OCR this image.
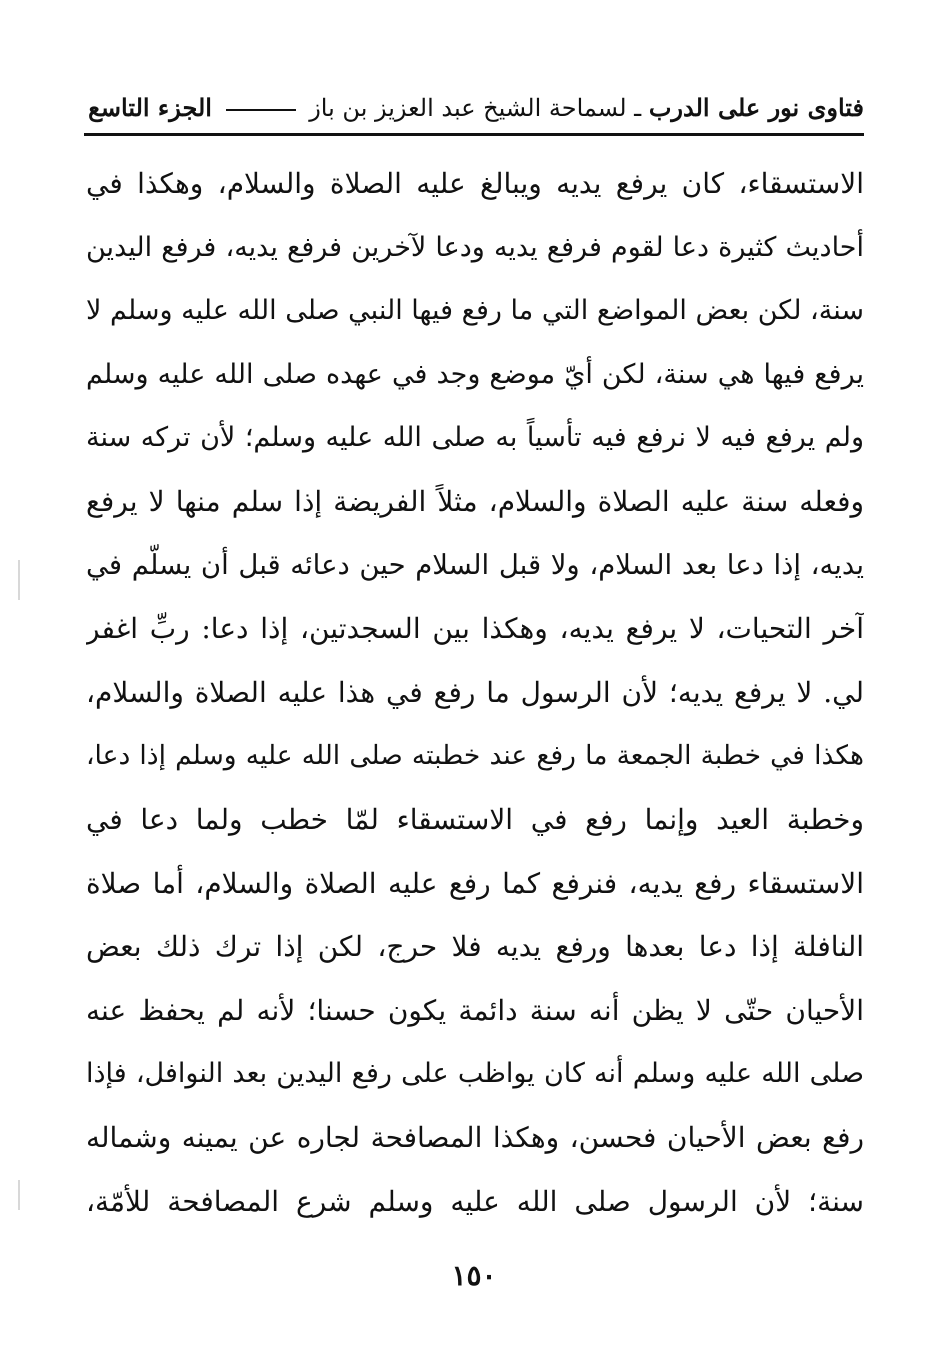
فتاوى نور على الدرب ـ لسماحة الشيخ عبد العزيز بن باز  الجزء التاسع
الاستسقاء، كان يرفع يديه ويبالغ عليه الصلاة والسلام، وهكذا في
أحاديث كثيرة دعا لقوم فرفع يديه ودعا لآخرين فرفع يديه، فرفع اليدين
سنة، لكن بعض المواضع التي ما رفع فيها النبي صلى الله عليه وسلم لا
يرفع فيها هي سنة، لكن أيّ موضع وجد في عهده صلى الله عليه وسلم
ولم يرفع فيه لا نرفع فيه تأسياً به صلى الله عليه وسلم؛ لأن تركه سنة
وفعله سنة عليه الصلاة والسلام، مثلاً الفريضة إذا سلم منها لا يرفع
يديه، إذا دعا بعد السلام، ولا قبل السلام حين دعائه قبل أن يسلّم في
آخر التحيات، لا يرفع يديه، وهكذا بين السجدتين، إذا دعا: ربِّ اغفر
لي. لا يرفع يديه؛ لأن الرسول ما رفع في هذا عليه الصلاة والسلام،
هكذا في خطبة الجمعة ما رفع عند خطبته صلى الله عليه وسلم إذا دعا،
وخطبة العيد وإنما رفع في الاستسقاء لمّا خطب ولما دعا في
الاستسقاء رفع يديه، فنرفع كما رفع عليه الصلاة والسلام، أما صلاة
النافلة إذا دعا بعدها ورفع يديه فلا حرج، لكن إذا ترك ذلك بعض
الأحيان حتّى لا يظن أنه سنة دائمة يكون حسنا؛ لأنه لم يحفظ عنه
صلى الله عليه وسلم أنه كان يواظب على رفع اليدين بعد النوافل، فإذا
رفع بعض الأحيان فحسن، وهكذا المصافحة لجاره عن يمينه وشماله
سنة؛ لأن الرسول صلى الله عليه وسلم شرع المصافحة للأمّة،
١٥٠
